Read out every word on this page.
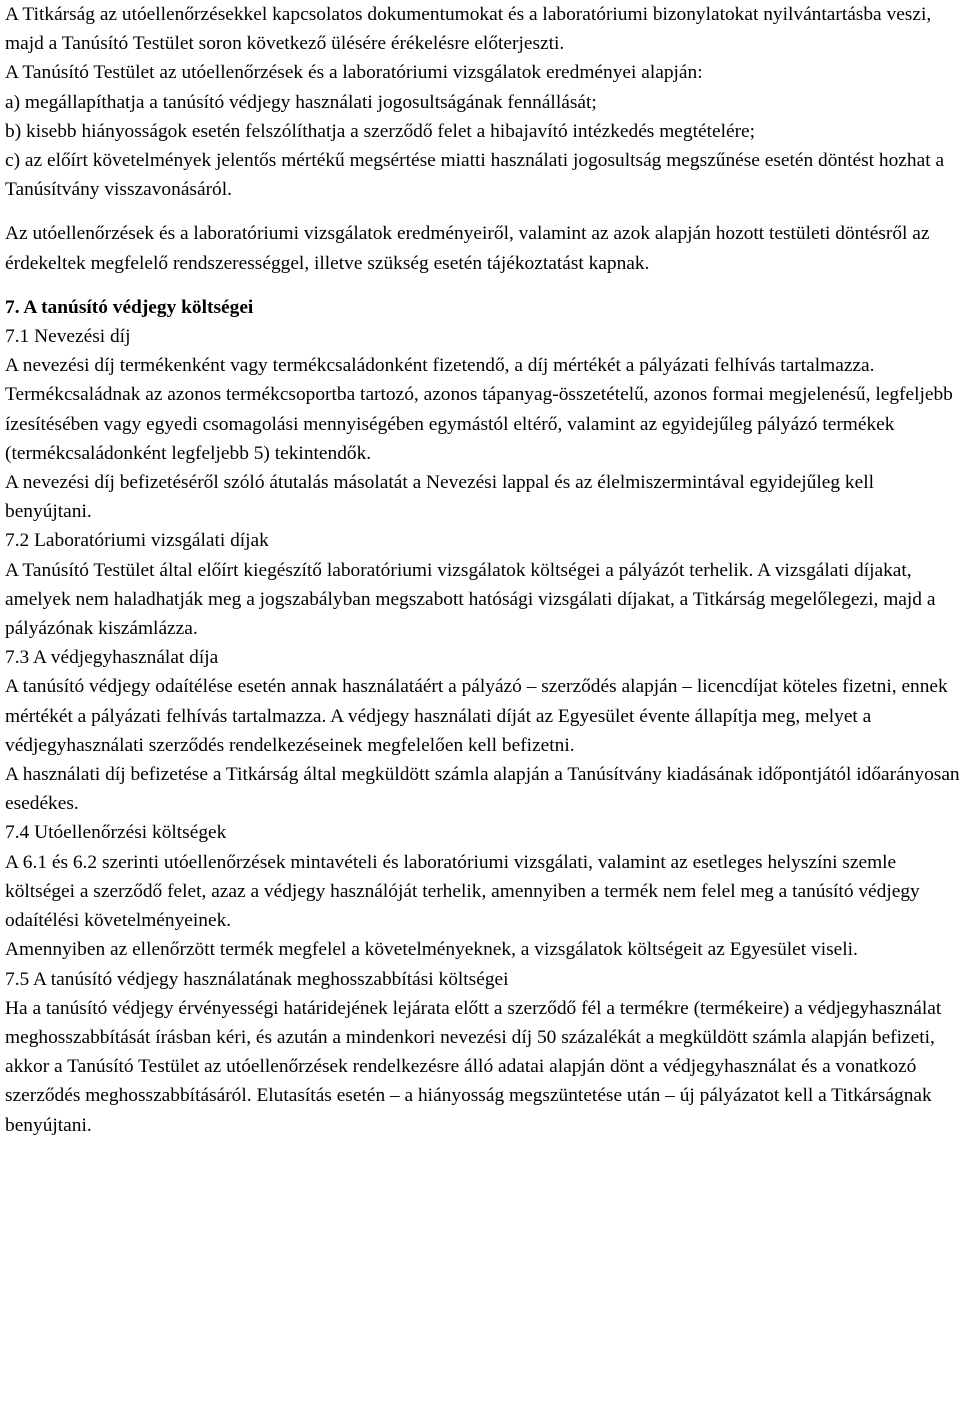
A Titkárság az utóellenőrzésekkel kapcsolatos dokumentumokat és a laboratóriumi bizonylatokat nyilvántartásba veszi, majd a Tanúsító Testület soron következő ülésére érékelésre előterjeszti.

A Tanúsító Testület az utóellenőrzések és a laboratóriumi vizsgálatok eredményei alapján:

a) megállapíthatja a tanúsító védjegy használati jogosultságának fennállását;

b) kisebb hiányosságok esetén felszólíthatja a szerződő felet a hibajavító intézkedés megtételére;

c) az előírt követelmények jelentős mértékű megsértése miatti használati jogosultság megszűnése esetén döntést hozhat a Tanúsítvány visszavonásáról.

Az utóellenőrzések és a laboratóriumi vizsgálatok eredményeiről, valamint az azok alapján hozott testületi döntésről az érdekeltek megfelelő rendszerességgel, illetve szükség esetén tájékoztatást kapnak.

7. A tanúsító védjegy költségei

7.1 Nevezési díj

A nevezési díj termékenként vagy termékcsaládonként fizetendő, a díj mértékét a pályázati felhívás tartalmazza.

Termékcsaládnak az azonos termékcsoportba tartozó, azonos tápanyag-összetételű, azonos formai megjelenésű, legfeljebb ízesítésében vagy egyedi csomagolási mennyiségében egymástól eltérő, valamint az egyidejűleg pályázó termékek (termékcsaládonként legfeljebb 5) tekintendők.

A nevezési díj befizetéséről szóló átutalás másolatát a Nevezési lappal és az élelmiszermintával egyidejűleg kell benyújtani.

7.2 Laboratóriumi vizsgálati díjak

A Tanúsító Testület által előírt kiegészítő laboratóriumi vizsgálatok költségei a pályázót terhelik. A vizsgálati díjakat, amelyek nem haladhatják meg a jogszabályban megszabott hatósági vizsgálati díjakat, a Titkárság megelőlegezi, majd a pályázónak kiszámlázza.

7.3 A védjegyhasználat díja

A tanúsító védjegy odaítélése esetén annak használatáért a pályázó – szerződés alapján – licencdíjat köteles fizetni, ennek mértékét a pályázati felhívás tartalmazza. A védjegy használati díját az Egyesület évente állapítja meg, melyet a védjegyhasználati szerződés rendelkezéseinek megfelelően kell befizetni.

A használati díj befizetése a Titkárság által megküldött számla alapján a Tanúsítvány kiadásának időpontjától időarányosan esedékes.

7.4 Utóellenőrzési költségek

A 6.1 és 6.2 szerinti utóellenőrzések mintavételi és laboratóriumi vizsgálati, valamint az esetleges helyszíni szemle költségei a szerződő felet, azaz a védjegy használóját terhelik, amennyiben a termék nem felel meg a tanúsító védjegy odaítélési követelményeinek.

Amennyiben az ellenőrzött termék megfelel a követelményeknek, a vizsgálatok költségeit az Egyesület viseli.

7.5 A tanúsító védjegy használatának meghosszabbítási költségei

Ha a tanúsító védjegy érvényességi határidejének lejárata előtt a szerződő fél a termékre (termékeire) a védjegyhasználat meghosszabbítását írásban kéri, és azután a mindenkori nevezési díj 50 százalékát a megküldött számla alapján befizeti, akkor a Tanúsító Testület az utóellenőrzések rendelkezésre álló adatai alapján dönt a védjegyhasználat és a vonatkozó szerződés meghosszabbításáról. Elutasítás esetén – a hiányosság megszüntetése után – új pályázatot kell a Titkárságnak benyújtani.
